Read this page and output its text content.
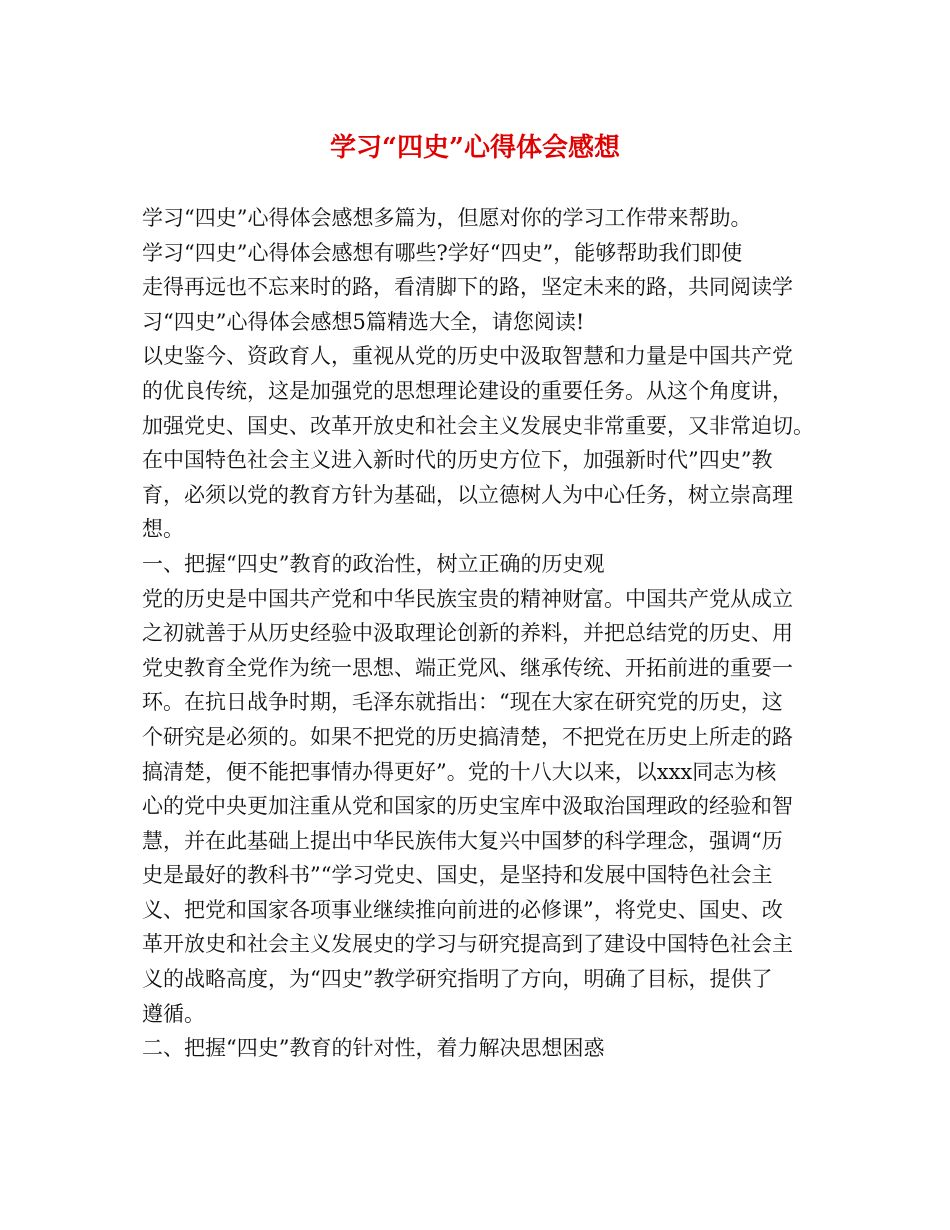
学习“四史”心得体会感想
学习“四史”心得体会感想多篇为，但愿对你的学习工作带来帮助。
学习“四史”心得体会感想有哪些?学好“四史”，能够帮助我们即使
走得再远也不忘来时的路，看清脚下的路，坚定未来的路，共同阅读学
习“四史”心得体会感想5篇精选大全，请您阅读!
以史鉴今、资政育人，重视从党的历史中汲取智慧和力量是中国共产党
的优良传统，这是加强党的思想理论建设的重要任务。从这个角度讲，
加强党史、国史、改革开放史和社会主义发展史非常重要，又非常迫切。
在中国特色社会主义进入新时代的历史方位下，加强新时代”四史”教
育，必须以党的教育方针为基础，以立德树人为中心任务，树立崇高理
想。
一、把握“四史”教育的政治性，树立正确的历史观
党的历史是中国共产党和中华民族宝贵的精神财富。中国共产党从成立
之初就善于从历史经验中汲取理论创新的养料，并把总结党的历史、用
党史教育全党作为统一思想、端正党风、继承传统、开拓前进的重要一
环。在抗日战争时期，毛泽东就指出：“现在大家在研究党的历史，这
个研究是必须的。如果不把党的历史搞清楚，不把党在历史上所走的路
搞清楚，便不能把事情办得更好”。党的十八大以来，以xxx同志为核
心的党中央更加注重从党和国家的历史宝库中汲取治国理政的经验和智
慧，并在此基础上提出中华民族伟大复兴中国梦的科学理念，强调“历
史是最好的教科书”“学习党史、国史，是坚持和发展中国特色社会主
义、把党和国家各项事业继续推向前进的必修课”，将党史、国史、改
革开放史和社会主义发展史的学习与研究提高到了建设中国特色社会主
义的战略高度，为“四史”教学研究指明了方向，明确了目标，提供了
遵循。
二、把握“四史”教育的针对性，着力解决思想困惑
